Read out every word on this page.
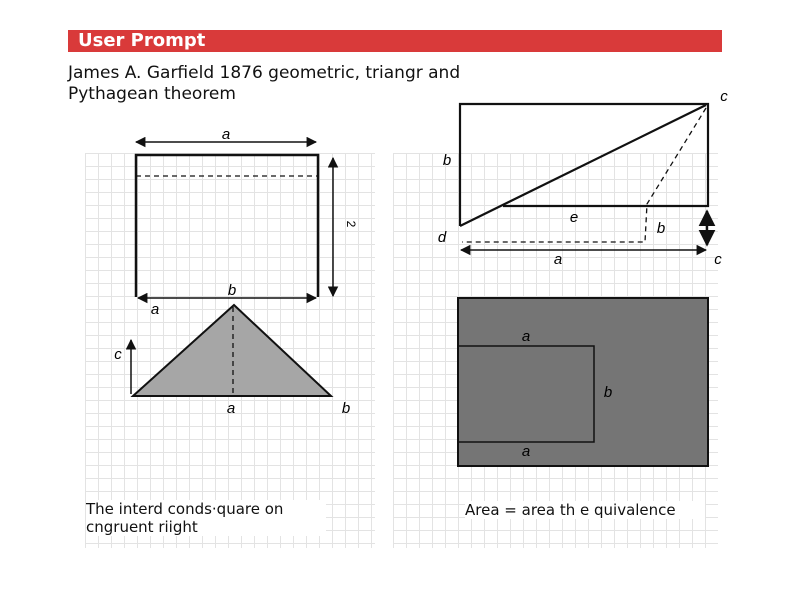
User Prompt
James A. Garfield 1876 geometric, triangr and
Pythagean theorem
a
2
a
b
c
a	b
c
b
d
e
b
a	c
a
b
a
The interd conds·quare on
cngruent riight
Area = area th e quivalence
